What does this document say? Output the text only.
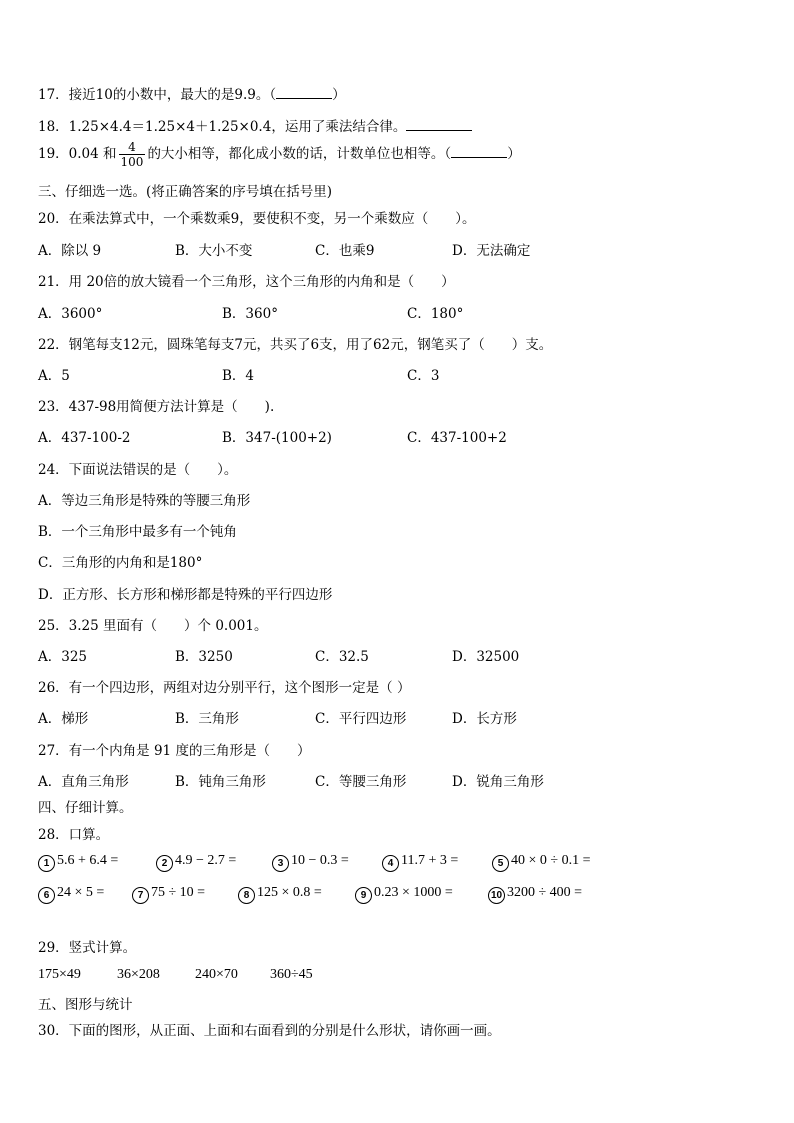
17．接近10的小数中，最大的是9.9。（	）
18．1.25×4.4＝1.25×4＋1.25×0.4，运用了乘法结合律。
19．0.04 和 $\frac{4}{100}$ 的大小相等，都化成小数的话，计数单位也相等。（	）
三、仔细选一选。(将正确答案的序号填在括号里)
20．在乘法算式中，一个乘数乘9，要使积不变，另一个乘数应（　　）。
A．除以 9	B．大小不变	C．也乘9	D．无法确定
21．用 20倍的放大镜看一个三角形，这个三角形的内角和是（　　）
A．3600°	B．360°	C．180°
22．钢笔每支12元，圆珠笔每支7元，共买了6支，用了62元，钢笔买了（　　）支。
A．5	B．4	C．3
23．437-98用简便方法计算是（　　).
A．437-100-2	B．347-(100+2)	C．437-100+2
24．下面说法错误的是（　　）。
A．等边三角形是特殊的等腰三角形
B．一个三角形中最多有一个钝角
C．三角形的内角和是180°
D．正方形、长方形和梯形都是特殊的平行四边形
25．3.25 里面有（　　）个 0.001。
A．325	B．3250	C．32.5	D．32500
26．有一个四边形，两组对边分别平行，这个图形一定是（ ）
A．梯形	B．三角形	C．平行四边形	D．长方形
27．有一个内角是 91 度的三角形是（　　）
A．直角三角形	B．钝角三角形	C．等腰三角形	D．锐角三角形
四、仔细计算。
28．口算。
1 5.6 + 6.4 =	2 4.9 − 2.7 =	3 10 − 0.3 =	4 11.7 + 3 =	5 40 × 0 ÷ 0.1 =
6 24 × 5 =	7 75 ÷ 10 =	8 125 × 0.8 =	9 0.23 × 1000 =	10 3200 ÷ 400 =
29．竖式计算。
175×49	36×208	240×70 360÷45
五、图形与统计
30．下面的图形，从正面、上面和右面看到的分别是什么形状，请你画一画。
